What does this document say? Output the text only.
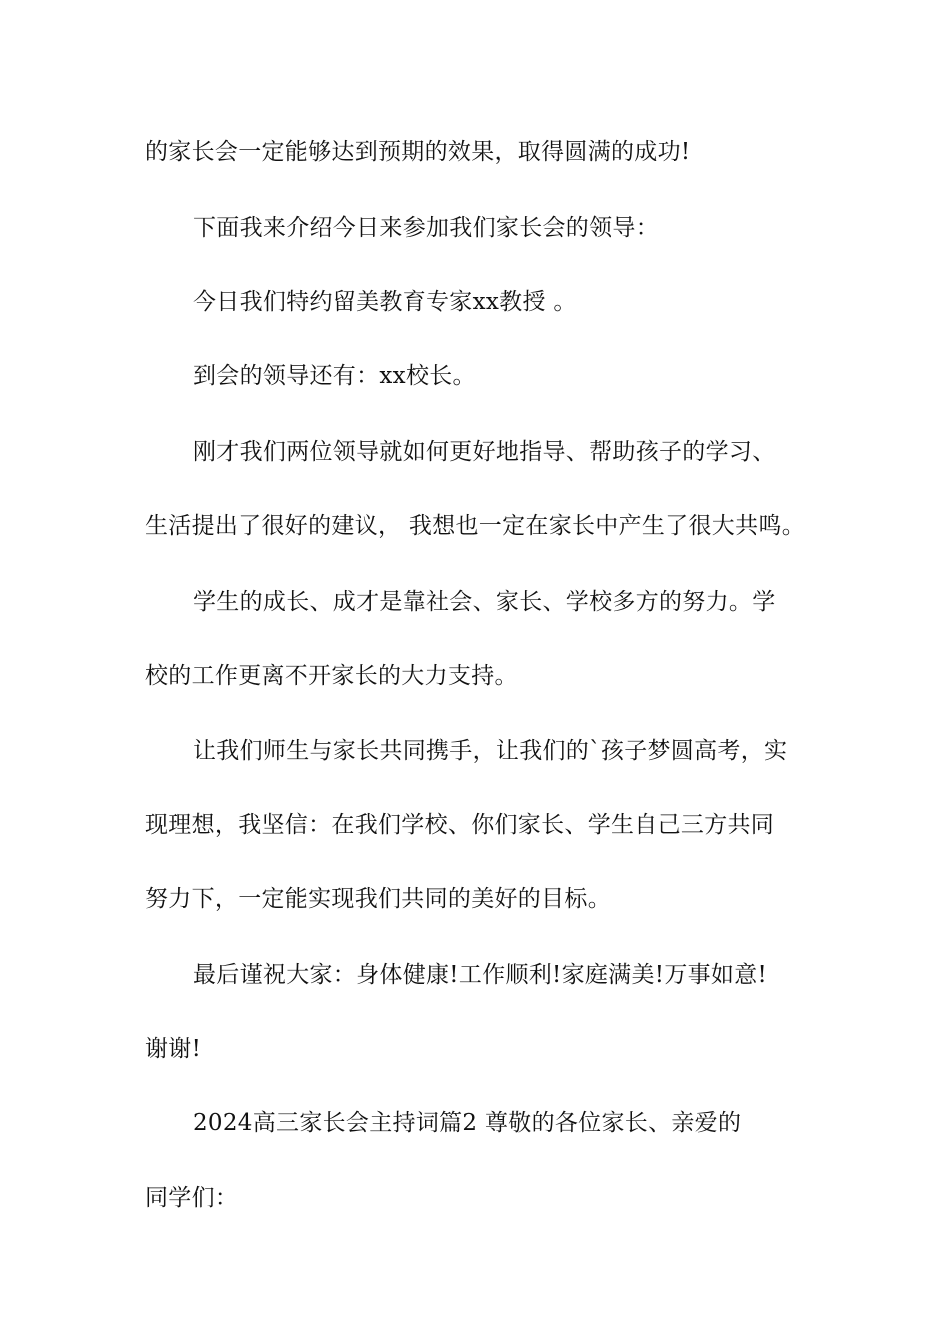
的家长会一定能够达到预期的效果，取得圆满的成功!
下面我来介绍今日来参加我们家长会的领导：
今日我们特约留美教育专家xx教授 。
到会的领导还有：xx校长。
刚才我们两位领导就如何更好地指导、帮助孩子的学习、
生活提出了很好的建议， 我想也一定在家长中产生了很大共鸣。
学生的成长、成才是靠社会、家长、学校多方的努力。学
校的工作更离不开家长的大力支持。
让我们师生与家长共同携手，让我们的`孩子梦圆高考，实
现理想，我坚信：在我们学校、你们家长、学生自己三方共同
努力下，一定能实现我们共同的美好的目标。
最后谨祝大家：身体健康!工作顺利!家庭满美!万事如意!
谢谢!
2024高三家长会主持词篇2 尊敬的各位家长、亲爱的
同学们：
